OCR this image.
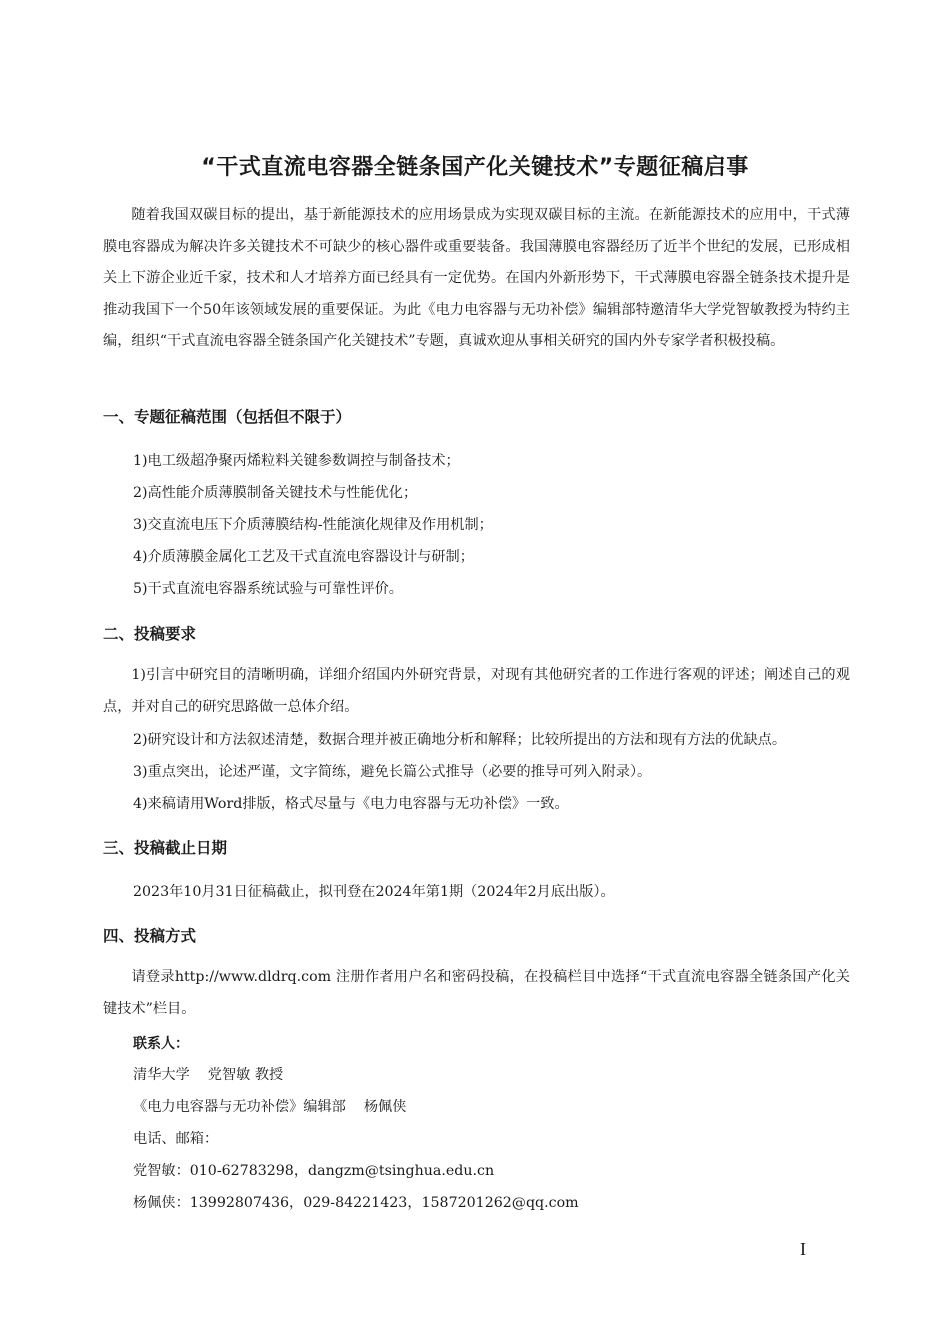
“干式直流电容器全链条国产化关键技术”专题征稿启事
随着我国双碳目标的提出，基于新能源技术的应用场景成为实现双碳目标的主流。在新能源技术的应用中，干式薄膜电容器成为解决许多关键技术不可缺少的核心器件或重要装备。我国薄膜电容器经历了近半个世纪的发展，已形成相关上下游企业近千家，技术和人才培养方面已经具有一定优势。在国内外新形势下，干式薄膜电容器全链条技术提升是推动我国下一个50年该领域发展的重要保证。为此《电力电容器与无功补偿》编辑部特邀清华大学党智敏教授为特约主编，组织“干式直流电容器全链条国产化关键技术”专题，真诚欢迎从事相关研究的国内外专家学者积极投稿。
一、专题征稿范围（包括但不限于）
1)电工级超净聚丙烯粒料关键参数调控与制备技术；
2)高性能介质薄膜制备关键技术与性能优化；
3)交直流电压下介质薄膜结构-性能演化规律及作用机制；
4)介质薄膜金属化工艺及干式直流电容器设计与研制；
5)干式直流电容器系统试验与可靠性评价。
二、投稿要求
1)引言中研究目的清晰明确，详细介绍国内外研究背景，对现有其他研究者的工作进行客观的评述；阐述自己的观点，并对自己的研究思路做一总体介绍。
2)研究设计和方法叙述清楚，数据合理并被正确地分析和解释；比较所提出的方法和现有方法的优缺点。
3)重点突出，论述严谨，文字简练，避免长篇公式推导（必要的推导可列入附录）。
4)来稿请用Word排版，格式尽量与《电力电容器与无功补偿》一致。
三、投稿截止日期
2023年10月31日征稿截止，拟刊登在2024年第1期（2024年2月底出版）。
四、投稿方式
请登录http://www.dldrq.com 注册作者用户名和密码投稿，在投稿栏目中选择“干式直流电容器全链条国产化关键技术”栏目。
联系人：
清华大学 党智敏 教授
《电力电容器与无功补偿》编辑部 杨佩侠
电话、邮箱：
党智敏：010-62783298，dangzm@tsinghua.edu.cn
杨佩侠：13992807436，029-84221423，1587201262@qq.com
I
